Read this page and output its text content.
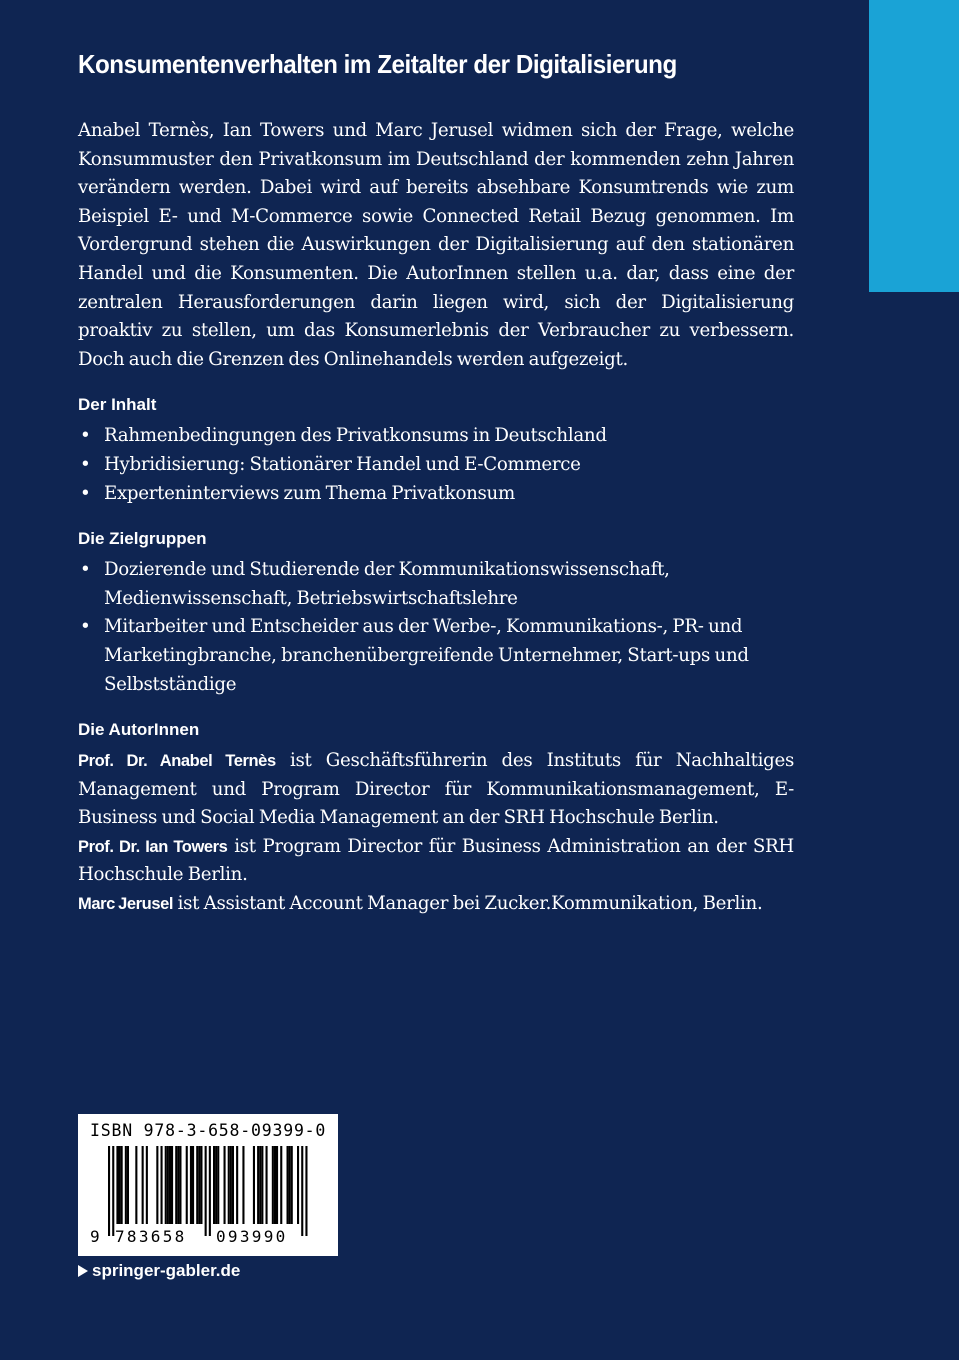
Konsumentenverhalten im Zeitalter der Digitalisierung

Anabel Ternès, Ian Towers und Marc Jerusel widmen sich der Frage, welche Konsummuster den Privatkonsum im Deutschland der kommenden zehn Jahren verändern werden. Dabei wird auf bereits absehbare Konsumtrends wie zum Beispiel E- und M-Commerce sowie Connected Retail Bezug genommen. Im Vordergrund stehen die Auswirkungen der Digitalisierung auf den stationären Handel und die Konsumenten. Die AutorInnen stellen u.a. dar, dass eine der zentralen Herausforderungen darin liegen wird, sich der Digitalisierung proaktiv zu stellen, um das Konsumerlebnis der Verbraucher zu verbessern. Doch auch die Grenzen des Onlinehandels werden aufgezeigt.

Der Inhalt
• Rahmenbedingungen des Privatkonsums in Deutschland
• Hybridisierung: Stationärer Handel und E-Commerce
• Experteninterviews zum Thema Privatkonsum
Die Zielgruppen
• Dozierende und Studierende der Kommunikationswissenschaft, Medienwissenschaft, Betriebswirtschaftslehre
• Mitarbeiter und Entscheider aus der Werbe-, Kommunikations-, PR- und Marketingbranche, branchenübergreifende Unternehmer, Start-ups und Selbstständige
Die AutorInnen

Prof. Dr. Anabel Ternès ist Geschäftsführerin des Instituts für Nachhaltiges Management und Program Director für Kommunikationsmanagement, E-Business und Social Media Management an der SRH Hochschule Berlin.

Prof. Dr. Ian Towers ist Program Director für Business Administration an der SRH Hochschule Berlin.

Marc Jerusel ist Assistant Account Manager bei Zucker.Kommunikation, Berlin.

ISBN 978-3-658-09399-0
9 783658 093990
springer-gabler.de
